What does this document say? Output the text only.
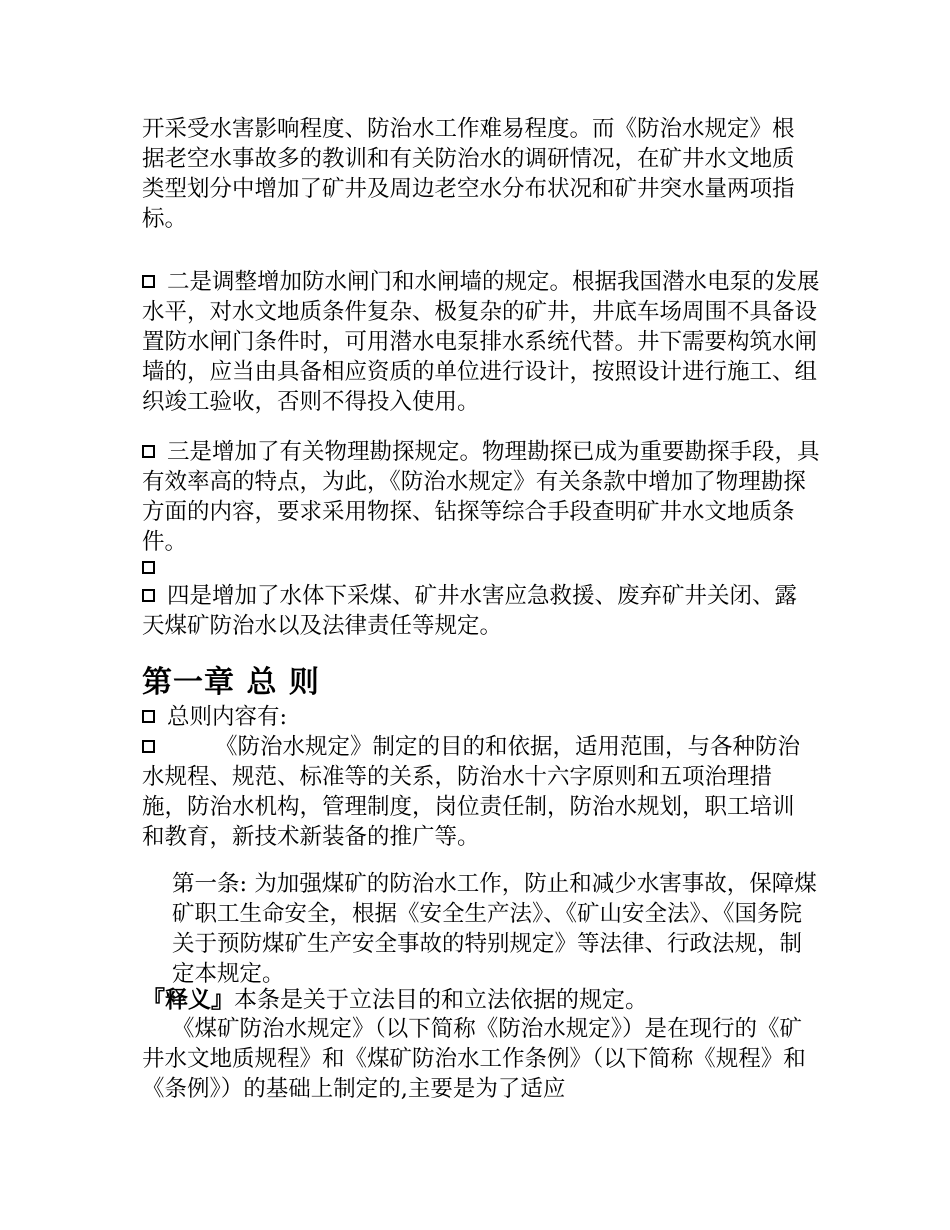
开采受水害影响程度、防治水工作难易程度。而《防治水规定》根据老空水事故多的教训和有关防治水的调研情况，在矿井水文地质类型划分中增加了矿井及周边老空水分布状况和矿井突水量两项指标。

二是调整增加防水闸门和水闸墙的规定。根据我国潜水电泵的发展水平，对水文地质条件复杂、极复杂的矿井，井底车场周围不具备设置防水闸门条件时，可用潜水电泵排水系统代替。井下需要构筑水闸墙的，应当由具备相应资质的单位进行设计，按照设计进行施工、组织竣工验收，否则不得投入使用。

三是增加了有关物理勘探规定。物理勘探已成为重要勘探手段，具有效率高的特点，为此，《防治水规定》有关条款中增加了物理勘探方面的内容，要求采用物探、钻探等综合手段查明矿井水文地质条件。

四是增加了水体下采煤、矿井水害应急救援、废弃矿井关闭、露天煤矿防治水以及法律责任等规定。

第一章 总 则

总则内容有:

《防治水规定》制定的目的和依据，适用范围，与各种防治水规程、规范、标准等的关系，防治水十六字原则和五项治理措施，防治水机构，管理制度，岗位责任制，防治水规划，职工培训和教育，新技术新装备的推广等。

第一条: 为加强煤矿的防治水工作，防止和减少水害事故，保障煤矿职工生命安全，根据《安全生产法》、《矿山安全法》、《国务院关于预防煤矿生产安全事故的特别规定》等法律、行政法规，制定本规定。

『释义』本条是关于立法目的和立法依据的规定。

《煤矿防治水规定》（以下简称《防治水规定》）是在现行的《矿井水文地质规程》和《煤矿防治水工作条例》（以下简称《规程》和《条例》）的基础上制定的,主要是为了适应
